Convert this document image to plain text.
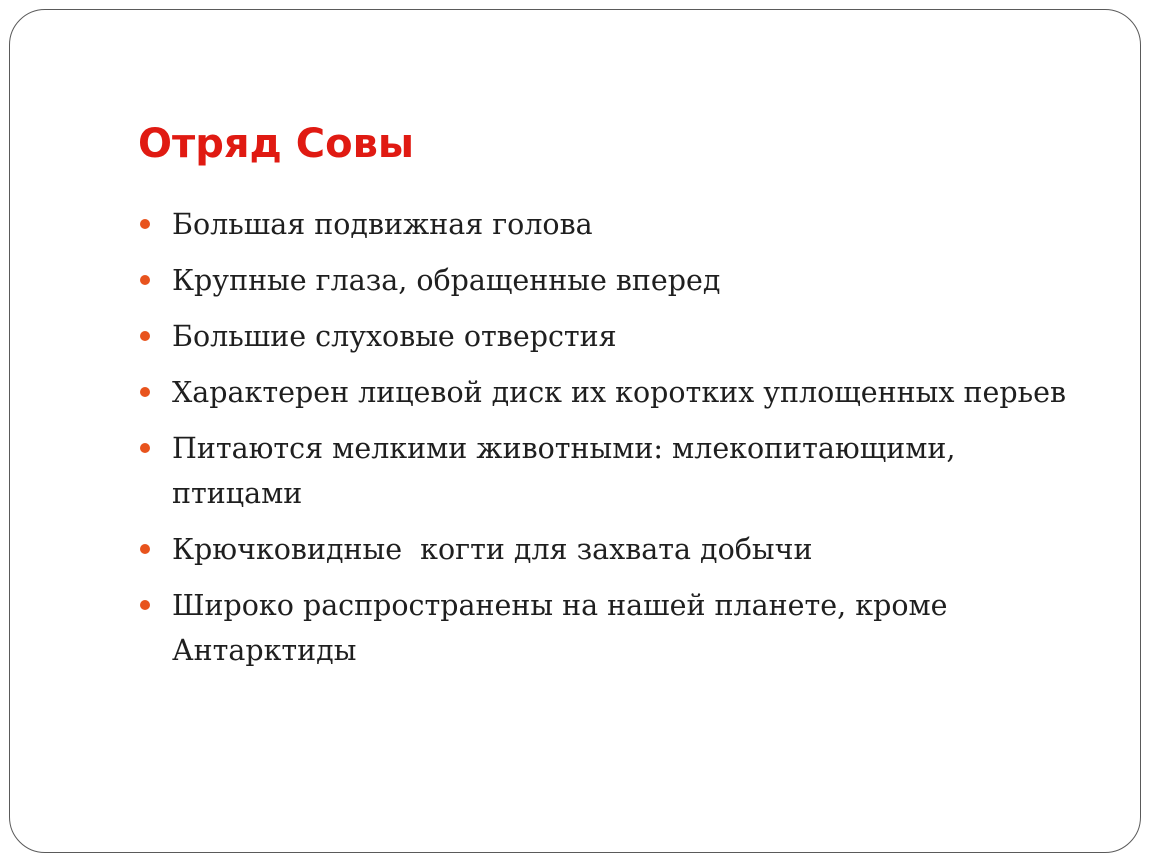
Отряд Совы
Большая подвижная голова
Крупные глаза, обращенные вперед
Большие слуховые отверстия
Характерен лицевой диск их коротких уплощенных перьев
Питаются мелкими животными: млекопитающими, птицами
Крючковидные  когти для захвата добычи
Широко распространены на нашей планете, кроме Антарктиды
